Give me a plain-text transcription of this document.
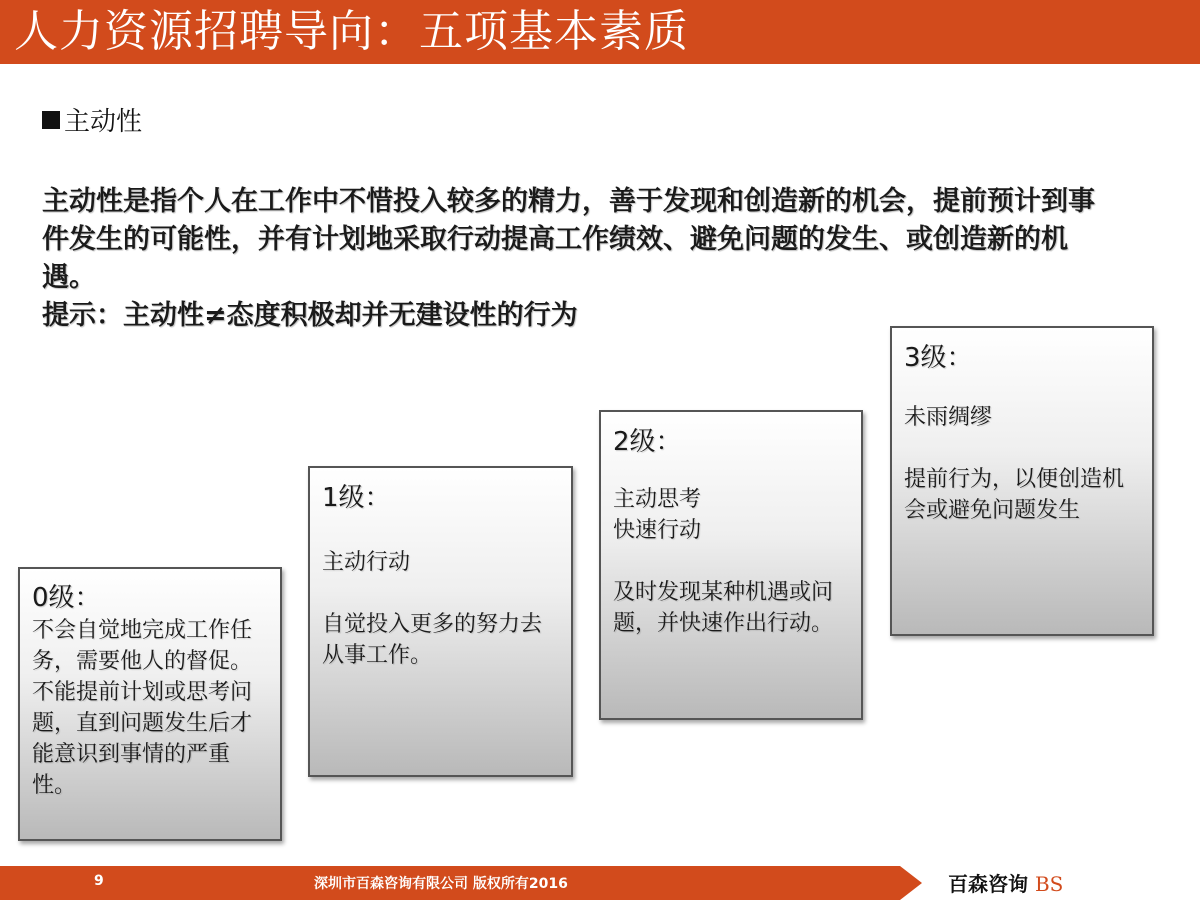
人力资源招聘导向：五项基本素质
主动性

主动性是指个人在工作中不惜投入较多的精力，善于发现和创造新的机会，提前预计到事件发生的可能性，并有计划地采取行动提高工作绩效、避免问题的发生、或创造新的机遇。

提示：主动性≠态度积极却并无建设性的行为

0级：
不会自觉地完成工作任务，需要他人的督促。不能提前计划或思考问题，直到问题发生后才能意识到事情的严重性。
1级：
主动行动
自觉投入更多的努力去从事工作。
2级：
主动思考
快速行动
及时发现某种机遇或问题，并快速作出行动。
3级：
未雨绸缪
提前行为，以便创造机会或避免问题发生
9	深圳市百森咨询有限公司 版权所有2016	百森咨询 BS
